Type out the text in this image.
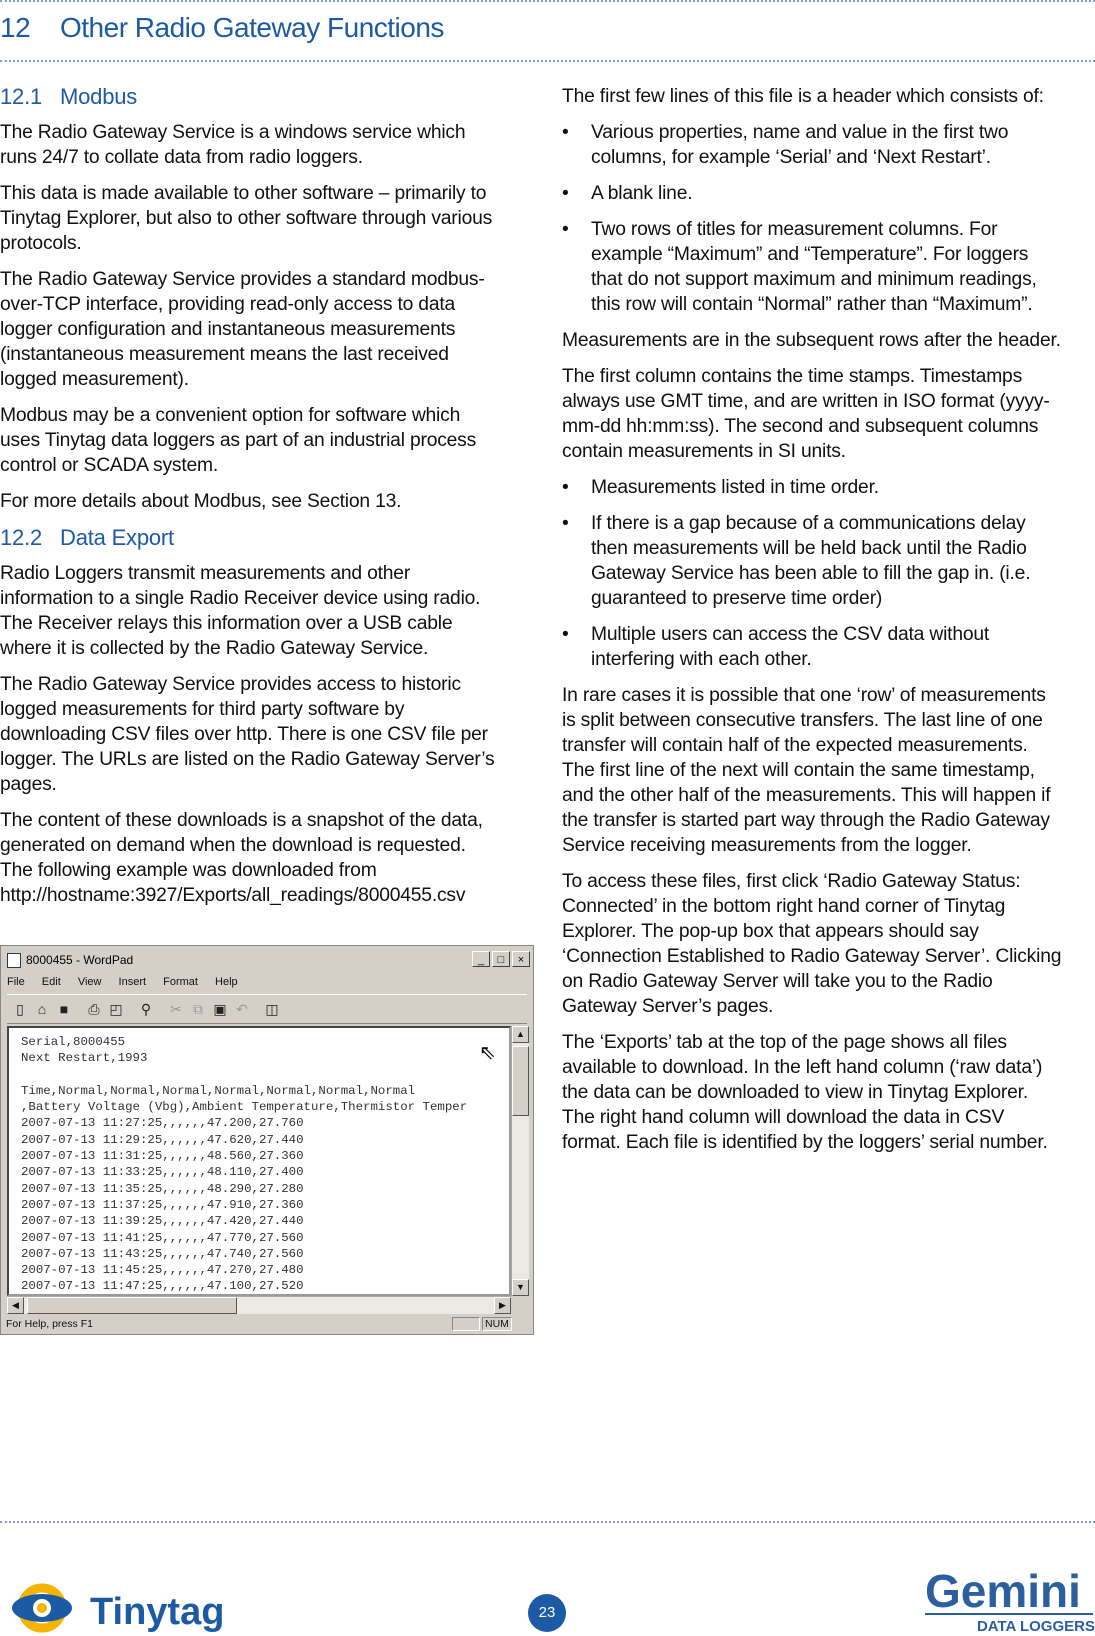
12 Other Radio Gateway Functions
12.1 Modbus

The Radio Gateway Service is a windows service which runs 24/7 to collate data from radio loggers.

This data is made available to other software – primarily to Tinytag Explorer, but also to other software through various protocols.

The Radio Gateway Service provides a standard modbus-over-TCP interface, providing read-only access to data logger conﬁguration and instantaneous measurements (instantaneous measurement means the last received logged measurement).

Modbus may be a convenient option for software which uses Tinytag data loggers as part of an industrial process control or SCADA system.

For more details about Modbus, see Section 13.

12.2 Data Export

Radio Loggers transmit measurements and other information to a single Radio Receiver device using radio. The Receiver relays this information over a USB cable where it is collected by the Radio Gateway Service.

The Radio Gateway Service provides access to historic logged measurements for third party software by downloading CSV ﬁles over http. There is one CSV ﬁle per logger. The URLs are listed on the Radio Gateway Server’s pages.

The content of these downloads is a snapshot of the data, generated on demand when the download is requested. The following example was downloaded from http://hostname:3927/Exports/all_readings/8000455.csv

8000455 - WordPad	_ □ ×
File Edit View Insert Format Help
▯ ⌂ ■	⎙ ◰	⚲	✂ ⧉ ▣ ↶	◫
Serial,8000455
Next Restart,1993

Time,Normal,Normal,Normal,Normal,Normal,Normal,Normal
,Battery Voltage (Vbg),Ambient Temperature,Thermistor Temper
2007-07-13 11:27:25,,,,,,47.200,27.760
2007-07-13 11:29:25,,,,,,47.620,27.440
2007-07-13 11:31:25,,,,,,48.560,27.360
2007-07-13 11:33:25,,,,,,48.110,27.400
2007-07-13 11:35:25,,,,,,48.290,27.280
2007-07-13 11:37:25,,,,,,47.910,27.360
2007-07-13 11:39:25,,,,,,47.420,27.440
2007-07-13 11:41:25,,,,,,47.770,27.560
2007-07-13 11:43:25,,,,,,47.740,27.560
2007-07-13 11:45:25,,,,,,47.270,27.480
2007-07-13 11:47:25,,,,,,47.100,27.520
⇖
▲
▼
◀	▶
For Help, press F1	NUM

The ﬁrst few lines of this ﬁle is a header which consists of:

• Various properties, name and value in the ﬁrst two columns, for example ‘Serial’ and ‘Next Restart’.
• A blank line.
• Two rows of titles for measurement columns. For example “Maximum” and “Temperature”. For loggers that do not support maximum and minimum readings, this row will contain “Normal” rather than “Maximum”.

Measurements are in the subsequent rows after the header.

The ﬁrst column contains the time stamps. Timestamps always use GMT time, and are written in ISO format (yyyy-mm-dd hh:mm:ss). The second and subsequent columns contain measurements in SI units.

• Measurements listed in time order.
• If there is a gap because of a communications delay then measurements will be held back until the Radio Gateway Service has been able to ﬁll the gap in. (i.e. guaranteed to preserve time order)
• Multiple users can access the CSV data without interfering with each other.

In rare cases it is possible that one ‘row’ of measurements is split between consecutive transfers. The last line of one transfer will contain half of the expected measurements. The ﬁrst line of the next will contain the same timestamp, and the other half of the measurements. This will happen if the transfer is started part way through the Radio Gateway Service receiving measurements from the logger.

To access these ﬁles, ﬁrst click ‘Radio Gateway Status: Connected’ in the bottom right hand corner of Tinytag Explorer. The pop-up box that appears should say ‘Connection Established to Radio Gateway Server’. Clicking on Radio Gateway Server will take you to the Radio Gateway Server’s pages.

The ‘Exports’ tab at the top of the page shows all ﬁles available to download. In the left hand column (‘raw data’) the data can be downloaded to view in Tinytag Explorer. The right hand column will download the data in CSV format. Each ﬁle is identiﬁed by the loggers’ serial number.

Tinytag	23	Gemini
DATA LOGGERS
